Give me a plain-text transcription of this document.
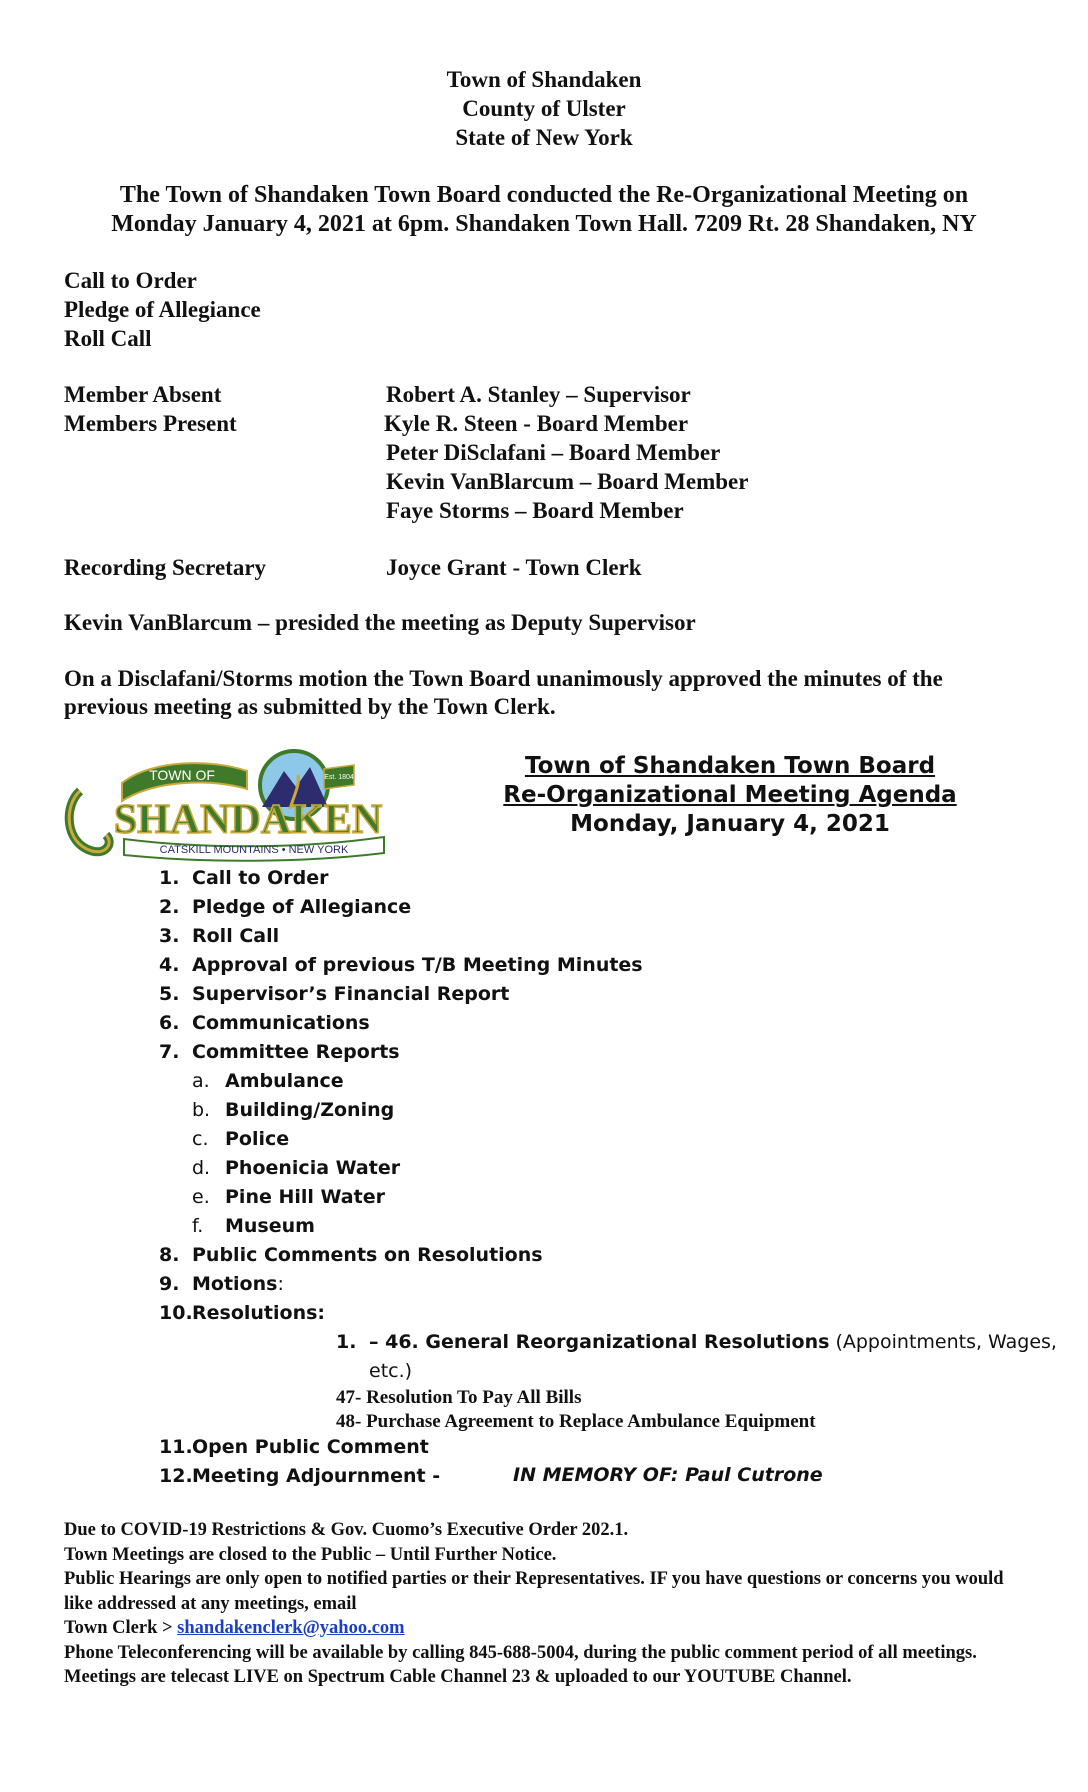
Town of Shandaken
County of Ulster
State of New York
The Town of Shandaken Town Board conducted the Re-Organizational Meeting on
Monday January 4, 2021 at 6pm. Shandaken Town Hall. 7209 Rt. 28 Shandaken, NY
Call to Order
Pledge of Allegiance
Roll Call
Member Absent	Robert A. Stanley – Supervisor
Members Present	Kyle R. Steen - Board Member
Peter DiSclafani – Board Member
Kevin VanBlarcum – Board Member
Faye Storms – Board Member
Recording Secretary	Joyce Grant - Town Clerk
Kevin VanBlarcum – presided the meeting as Deputy Supervisor
On a Disclafani/Storms motion the Town Board unanimously approved the minutes of the
previous meeting as submitted by the Town Clerk.
TOWN OF	Est. 1804
SHANDAKEN
CATSKILL MOUNTAINS • NEW YORK
Town of Shandaken Town Board
Re-Organizational Meeting Agenda
Monday, January 4, 2021
1. Call to Order
2. Pledge of Allegiance
3. Roll Call
4. Approval of previous T/B Meeting Minutes
5. Supervisor’s Financial Report
6. Communications
7. Committee Reports
a. Ambulance
b. Building/Zoning
c. Police
d. Phoenicia Water
e. Pine Hill Water
f. Museum
8. Public Comments on Resolutions
9. Motions:
10. Resolutions:
1. – 46. General Reorganizational Resolutions (Appointments, Wages,
etc.)
47- Resolution To Pay All Bills
48- Purchase Agreement to Replace Ambulance Equipment
11. Open Public Comment
12. Meeting Adjournment -	IN MEMORY OF: Paul Cutrone
Due to COVID-19 Restrictions & Gov. Cuomo’s Executive Order 202.1.
Town Meetings are closed to the Public – Until Further Notice.
Public Hearings are only open to notified parties or their Representatives. IF you have questions or concerns you would like addressed at any meetings, email
Town Clerk > shandakenclerk@yahoo.com
Phone Teleconferencing will be available by calling 845-688-5004, during the public comment period of all meetings. Meetings are telecast LIVE on Spectrum Cable Channel 23 & uploaded to our YOUTUBE Channel.
